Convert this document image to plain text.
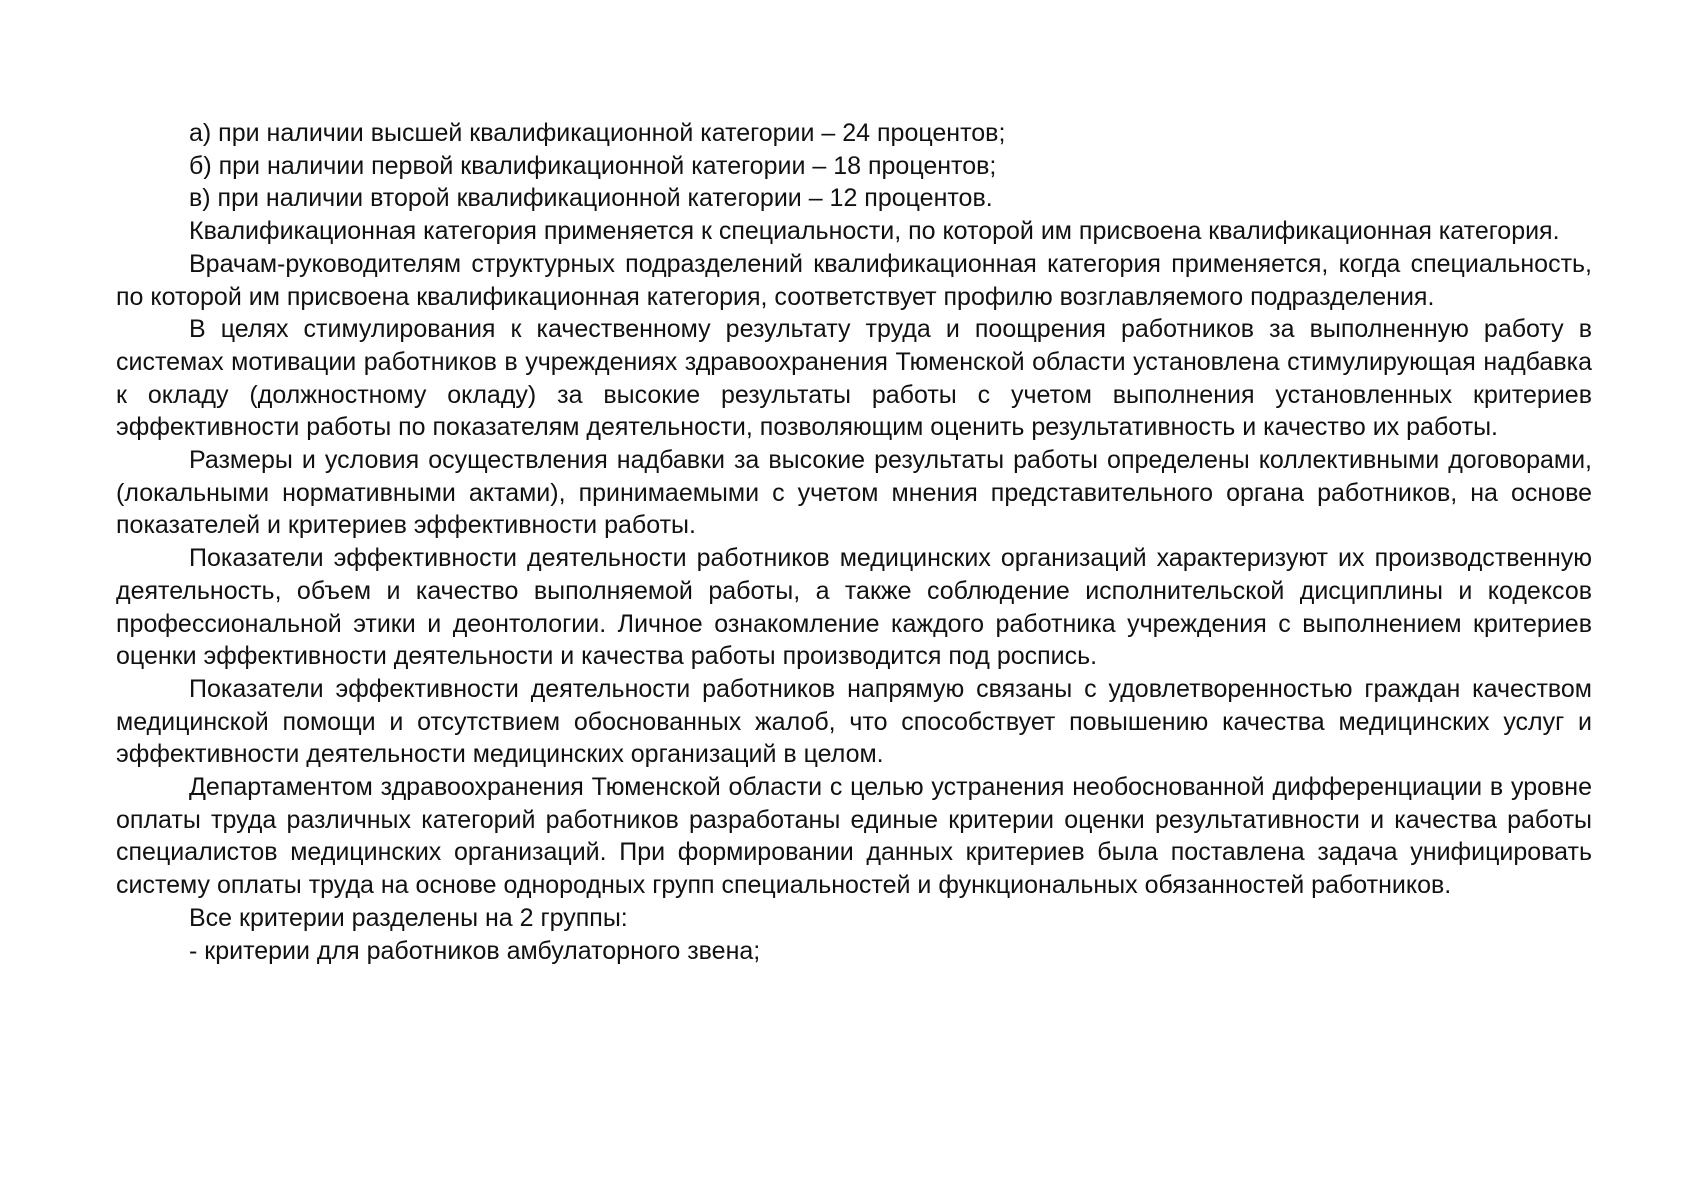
а) при наличии высшей квалификационной категории – 24 процентов;

б) при наличии первой квалификационной категории – 18 процентов;

в) при наличии второй квалификационной категории – 12 процентов.

Квалификационная категория применяется к специальности, по которой им присвоена квалификационная категория.

Врачам-руководителям структурных подразделений квалификационная категория применяется, когда специальность, по которой им присвоена квалификационная категория, соответствует профилю возглавляемого подразделения.

В целях стимулирования к качественному результату труда и поощрения работников за выполненную работу в системах мотивации работников в учреждениях здравоохранения Тюменской области установлена стимулирующая надбавка к окладу (должностному окладу) за высокие результаты работы с учетом выполнения установленных критериев эффективности работы по показателям деятельности, позволяющим оценить результативность и качество их работы.

Размеры и условия осуществления надбавки за высокие результаты работы определены коллективными договорами, (локальными нормативными актами), принимаемыми с учетом мнения представительного органа работников, на основе показателей и критериев эффективности работы.

Показатели эффективности деятельности работников медицинских организаций характеризуют их производственную деятельность, объем и качество выполняемой работы, а также соблюдение исполнительской дисциплины и кодексов профессиональной этики и деонтологии. Личное ознакомление каждого работника учреждения с выполнением критериев оценки эффективности деятельности и качества работы производится под роспись.

Показатели эффективности деятельности работников напрямую связаны с удовлетворенностью граждан качеством медицинской помощи и отсутствием обоснованных жалоб, что способствует повышению качества медицинских услуг и эффективности деятельности медицинских организаций в целом.

Департаментом здравоохранения Тюменской области с целью устранения необоснованной дифференциации в уровне оплаты труда различных категорий работников разработаны единые критерии оценки результативности и качества работы специалистов медицинских организаций. При формировании данных критериев была поставлена задача унифицировать систему оплаты труда на основе однородных групп специальностей и функциональных обязанностей работников.

Все критерии разделены на 2 группы:

- критерии для работников амбулаторного звена;
